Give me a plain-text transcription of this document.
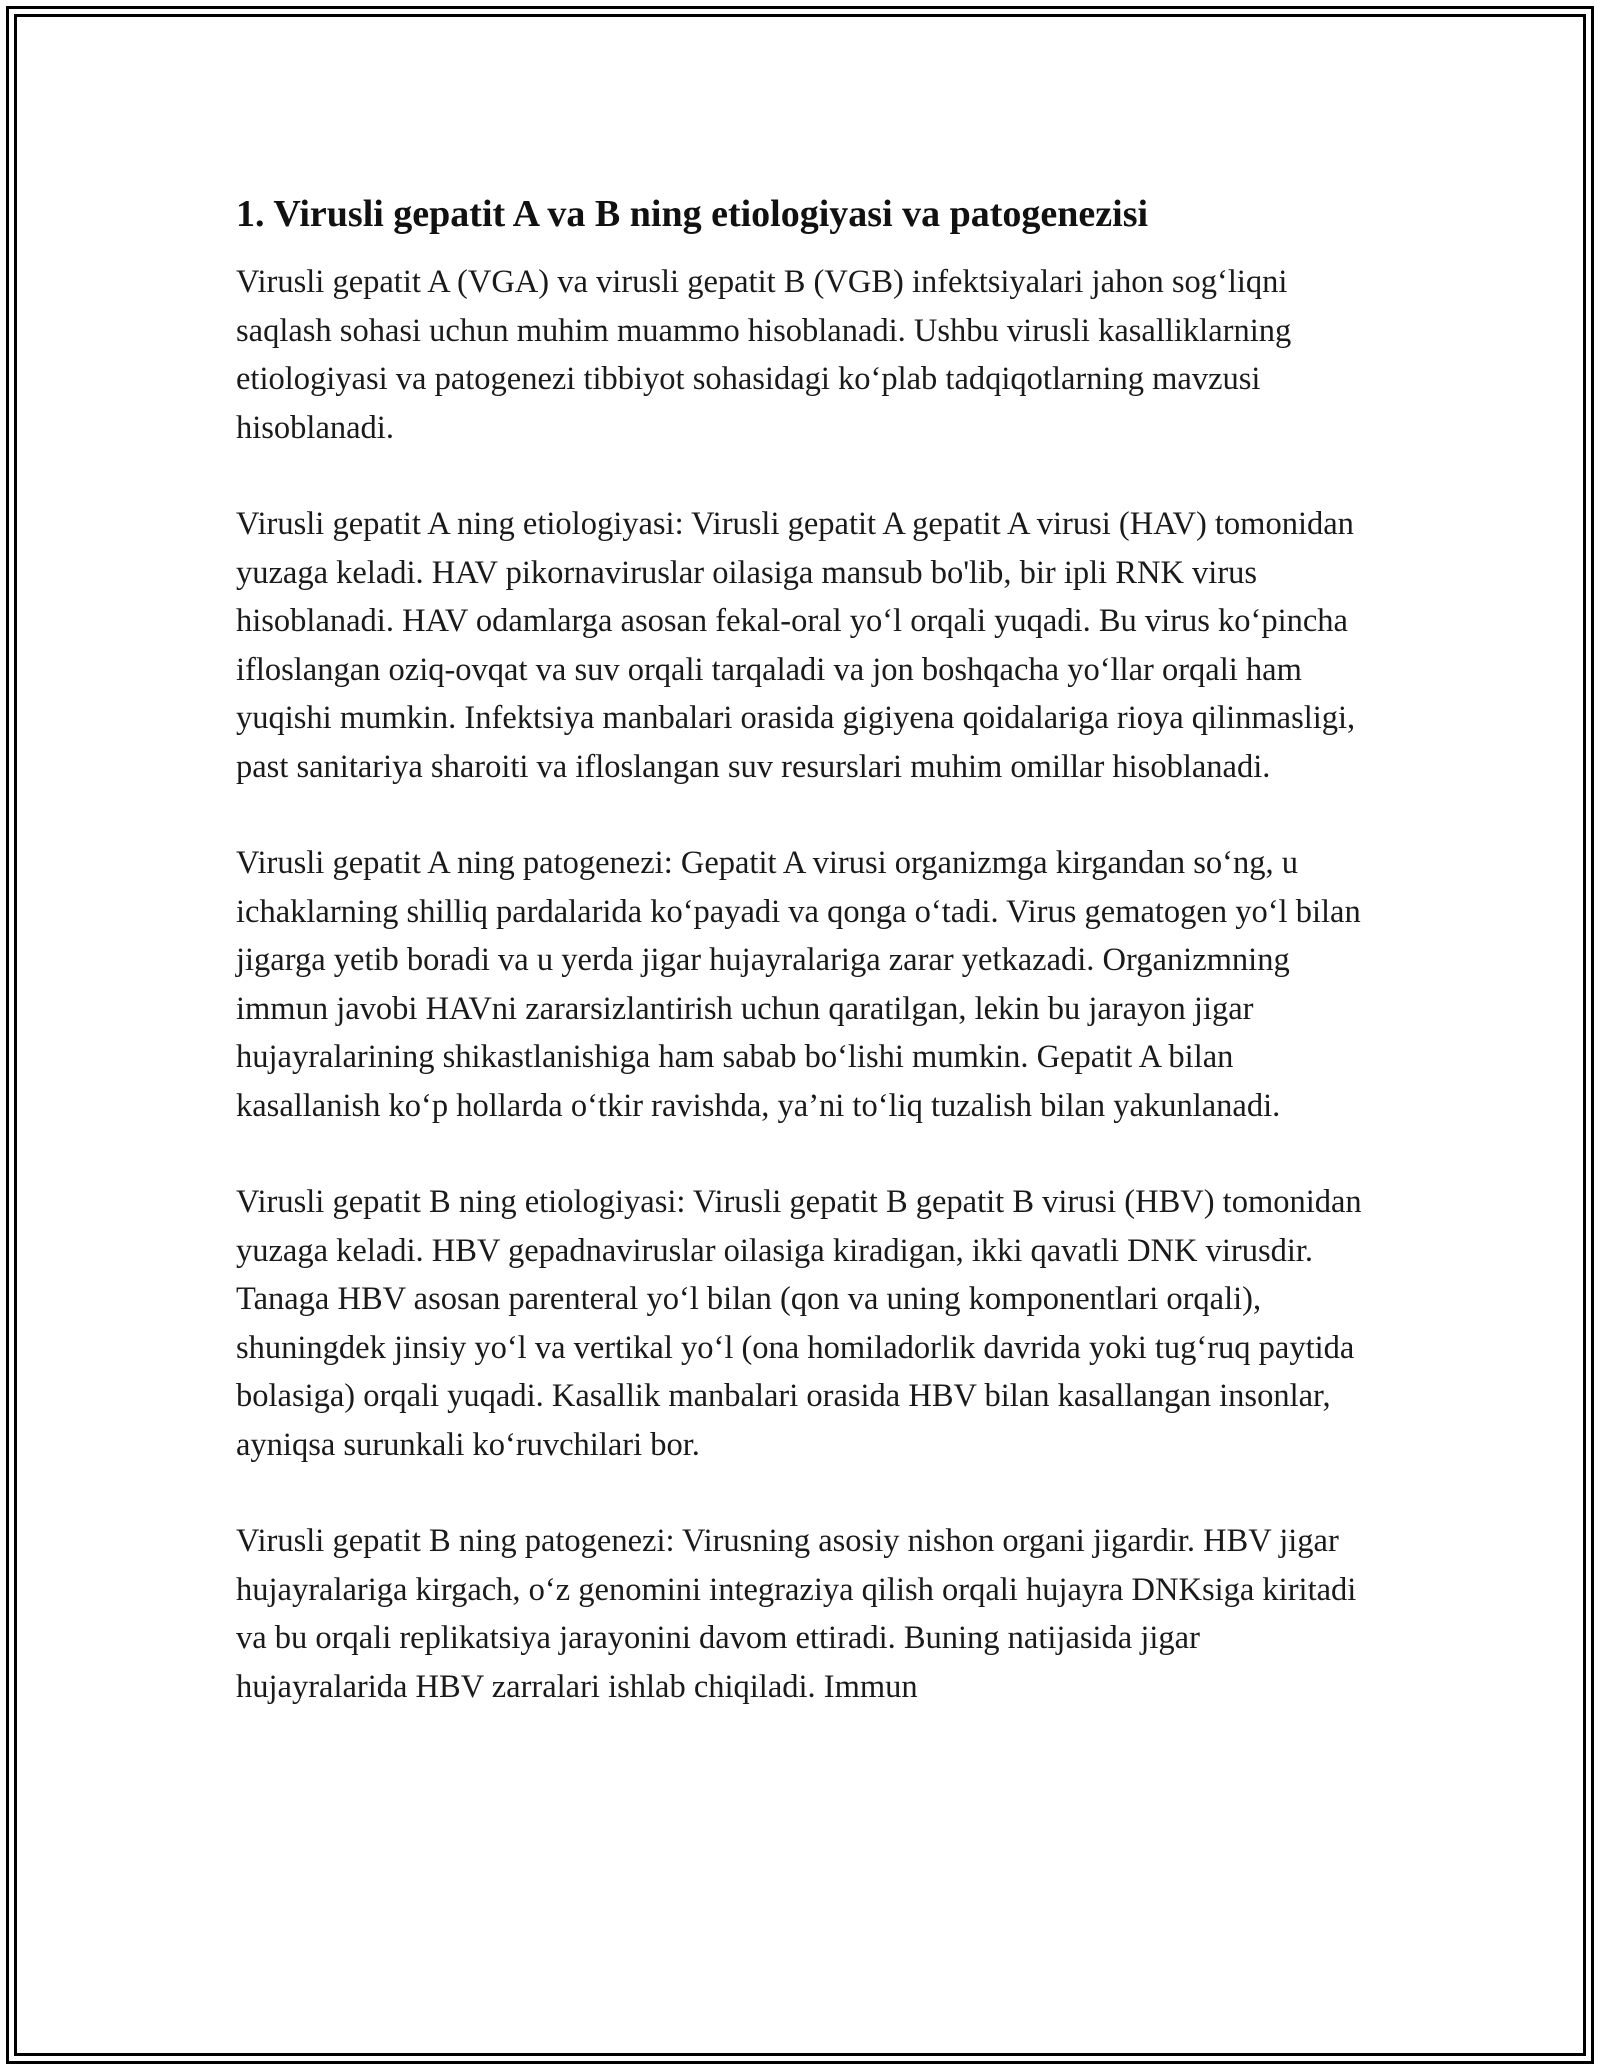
1. Virusli gepatit A va B ning etiologiyasi va patogenezisi

Virusli gepatit A (VGA) va virusli gepatit B (VGB) infektsiyalari jahon sog‘liqni saqlash sohasi uchun muhim muammo hisoblanadi. Ushbu virusli kasalliklarning etiologiyasi va patogenezi tibbiyot sohasidagi ko‘plab tadqiqotlarning mavzusi hisoblanadi.

Virusli gepatit A ning etiologiyasi: Virusli gepatit A gepatit A virusi (HAV) tomonidan yuzaga keladi. HAV pikornaviruslar oilasiga mansub bo'lib, bir ipli RNK virus hisoblanadi. HAV odamlarga asosan fekal-oral yo‘l orqali yuqadi. Bu virus ko‘pincha ifloslangan oziq-ovqat va suv orqali tarqaladi va jon boshqacha yo‘llar orqali ham yuqishi mumkin. Infektsiya manbalari orasida gigiyena qoidalariga rioya qilinmasligi, past sanitariya sharoiti va ifloslangan suv resurslari muhim omillar hisoblanadi.

Virusli gepatit A ning patogenezi: Gepatit A virusi organizmga kirgandan so‘ng, u ichaklarning shilliq pardalarida ko‘payadi va qonga o‘tadi. Virus gematogen yo‘l bilan jigarga yetib boradi va u yerda jigar hujayralariga zarar yetkazadi. Organizmning immun javobi HAVni zararsizlantirish uchun qaratilgan, lekin bu jarayon jigar hujayralarining shikastlanishiga ham sabab bo‘lishi mumkin. Gepatit A bilan kasallanish ko‘p hollarda o‘tkir ravishda, ya’ni to‘liq tuzalish bilan yakunlanadi.

Virusli gepatit B ning etiologiyasi: Virusli gepatit B gepatit B virusi (HBV) tomonidan yuzaga keladi. HBV gepadnaviruslar oilasiga kiradigan, ikki qavatli DNK virusdir. Tanaga HBV asosan parenteral yo‘l bilan (qon va uning komponentlari orqali), shuningdek jinsiy yo‘l va vertikal yo‘l (ona homiladorlik davrida yoki tug‘ruq paytida bolasiga) orqali yuqadi. Kasallik manbalari orasida HBV bilan kasallangan insonlar, ayniqsa surunkali ko‘ruvchilari bor.

Virusli gepatit B ning patogenezi: Virusning asosiy nishon organi jigardir. HBV jigar hujayralariga kirgach, o‘z genomini integraziya qilish orqali hujayra DNKsiga kiritadi va bu orqali replikatsiya jarayonini davom ettiradi. Buning natijasida jigar hujayralarida HBV zarralari ishlab chiqiladi. Immun
